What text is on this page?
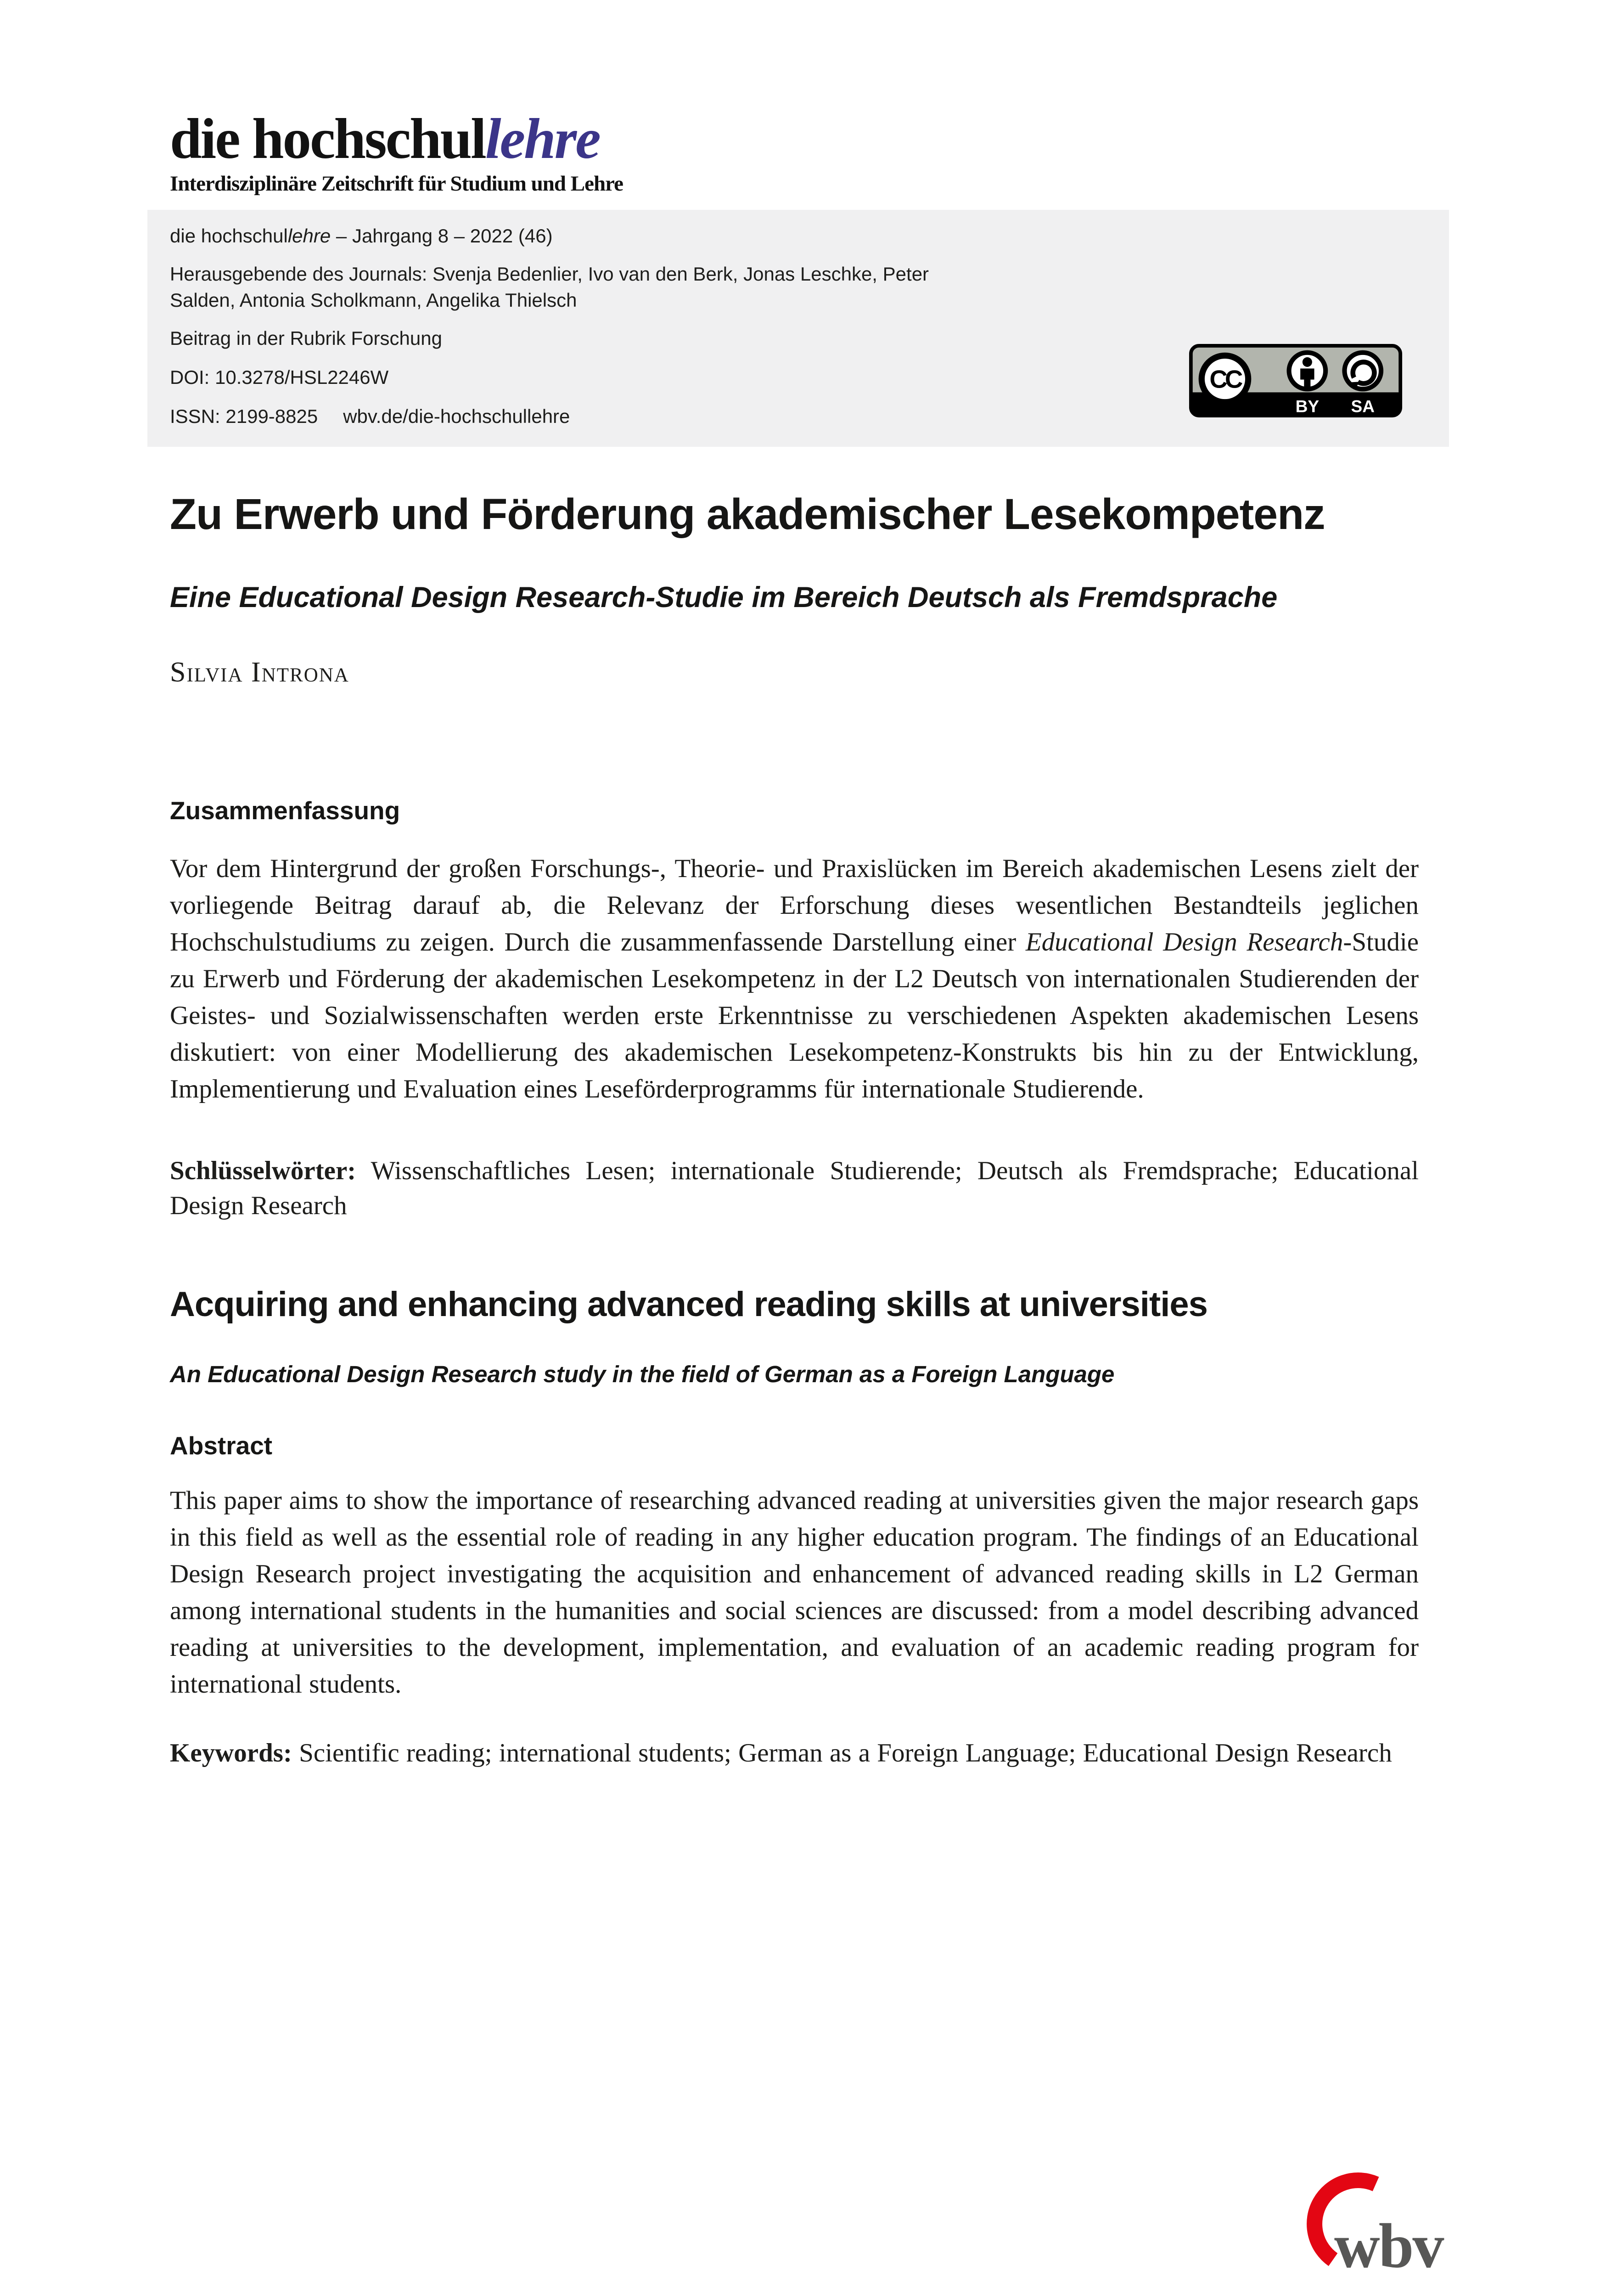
die hochschullehre
Interdisziplinäre Zeitschrift für Studium und Lehre

die hochschullehre – Jahrgang 8 – 2022 (46)

Herausgebende des Journals: Svenja Bedenlier, Ivo van den Berk, Jonas Leschke, Peter Salden, Antonia Scholkmann, Angelika Thielsch

Beitrag in der Rubrik Forschung

DOI: 10.3278/HSL2246W

ISSN: 2199-8825 wbv.de/die-hochschullehre

CC
BY	SA
Zu Erwerb und Förderung akademischer Lesekompetenz
Eine Educational Design Research-Studie im Bereich Deutsch als Fremdsprache
Silvia Introna
Zusammenfassung

Vor dem Hintergrund der großen Forschungs-, Theorie- und Praxislücken im Bereich akademischen Lesens zielt der vorliegende Beitrag darauf ab, die Relevanz der Erforschung dieses wesentlichen Bestandteils jeglichen Hochschulstudiums zu zeigen. Durch die zusammenfassende Darstellung einer Educational Design Research-Studie zu Erwerb und Förderung der akademischen Lesekompetenz in der L2 Deutsch von internationalen Studierenden der Geistes- und Sozialwissenschaften werden erste Erkenntnisse zu verschiedenen Aspekten akademischen Lesens diskutiert: von einer Modellierung des akademischen Lesekompetenz-Konstrukts bis hin zu der Entwicklung, Implementierung und Evaluation eines Leseförderprogramms für internationale Studierende.

Schlüsselwörter: Wissenschaftliches Lesen; internationale Studierende; Deutsch als Fremdsprache; Educational Design Research

Acquiring and enhancing advanced reading skills at universities
An Educational Design Research study in the field of German as a Foreign Language
Abstract

This paper aims to show the importance of researching advanced reading at universities given the major research gaps in this field as well as the essential role of reading in any higher education program. The findings of an Educational Design Research project investigating the acquisition and enhancement of advanced reading skills in L2 German among international students in the humanities and social sciences are discussed: from a model describing advanced reading at universities to the development, implementation, and evaluation of an academic reading program for international students.

Keywords: Scientific reading; international students; German as a Foreign Language; Educational Design Research

wbv
